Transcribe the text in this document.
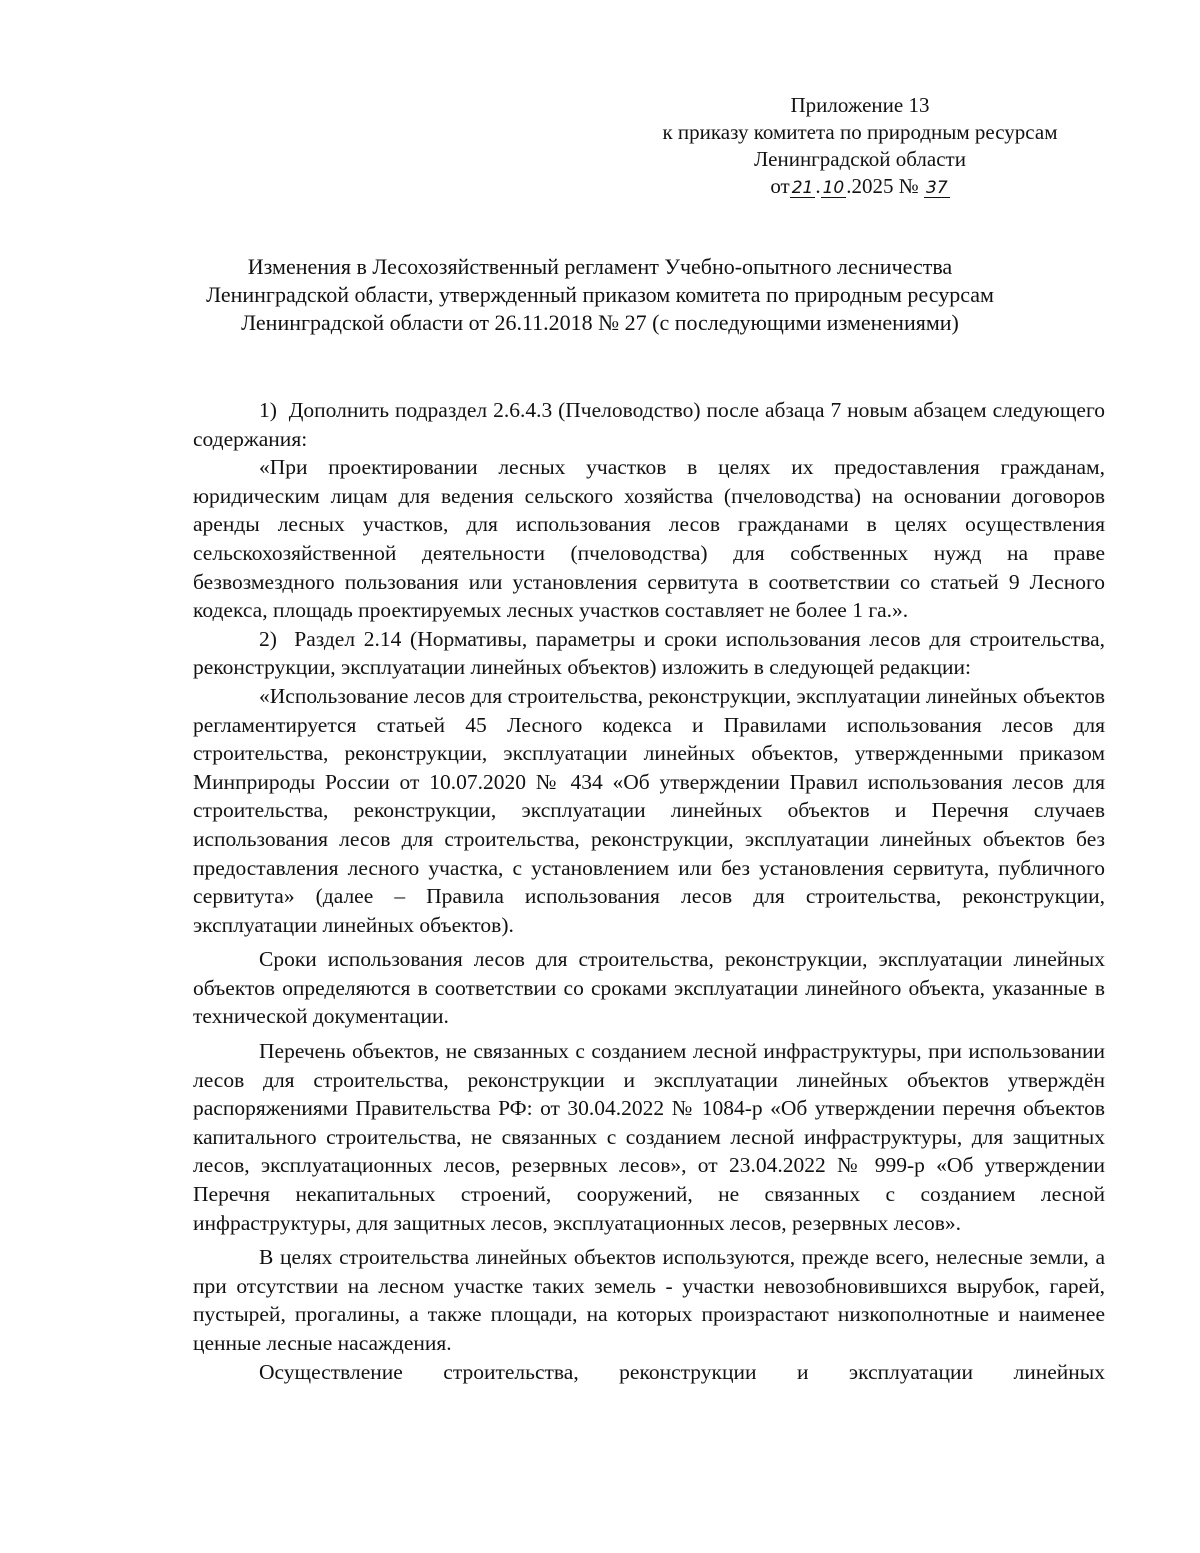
Приложение 13
к приказу комитета по природным ресурсам
Ленинградской области
от 21. 10.2025 № 37
Изменения в Лесохозяйственный регламент Учебно-опытного лесничества Ленинградской области, утвержденный приказом комитета по природным ресурсам Ленинградской области от 26.11.2018 № 27 (с последующими изменениями)

1)  Дополнить подраздел 2.6.4.3 (Пчеловодство) после абзаца 7 новым абзацем следующего содержания:

«При проектировании лесных участков в целях их предоставления гражданам, юридическим лицам для ведения сельского хозяйства (пчеловодства) на основании договоров аренды лесных участков, для использования лесов гражданами в целях осуществления сельскохозяйственной деятельности (пчеловодства) для собственных нужд на праве безвозмездного пользования или установления сервитута в соответствии со статьей 9 Лесного кодекса, площадь проектируемых лесных участков составляет не более 1 га.».

2)  Раздел 2.14 (Нормативы, параметры и сроки использования лесов для строительства, реконструкции, эксплуатации линейных объектов) изложить в следующей редакции:

«Использование лесов для строительства, реконструкции, эксплуатации линейных объектов регламентируется статьей 45 Лесного кодекса и Правилами использования лесов для строительства, реконструкции, эксплуатации линейных объектов, утвержденными приказом Минприроды России от 10.07.2020 № 434 «Об утверждении Правил использования лесов для строительства, реконструкции, эксплуатации линейных объектов и Перечня случаев использования лесов для строительства, реконструкции, эксплуатации линейных объектов без предоставления лесного участка, с установлением или без установления сервитута, публичного сервитута» (далее – Правила использования лесов для строительства, реконструкции, эксплуатации линейных объектов).

Сроки использования лесов для строительства, реконструкции, эксплуатации линейных объектов определяются в соответствии со сроками эксплуатации линейного объекта, указанные в технической документации.

Перечень объектов, не связанных с созданием лесной инфраструктуры, при использовании лесов для строительства, реконструкции и эксплуатации линейных объектов утверждён распоряжениями Правительства РФ: от 30.04.2022 № 1084-р «Об утверждении перечня объектов капитального строительства, не связанных с созданием лесной инфраструктуры, для защитных лесов, эксплуатационных лесов, резервных лесов», от 23.04.2022 № 999-р «Об утверждении Перечня некапитальных строений, сооружений, не связанных с созданием лесной инфраструктуры, для защитных лесов, эксплуатационных лесов, резервных лесов».

В целях строительства линейных объектов используются, прежде всего, нелесные земли, а при отсутствии на лесном участке таких земель - участки невозобновившихся вырубок, гарей, пустырей, прогалины, а также площади, на которых произрастают низкополнотные и наименее ценные лесные насаждения.

Осуществление строительства, реконструкции и эксплуатации линейных
